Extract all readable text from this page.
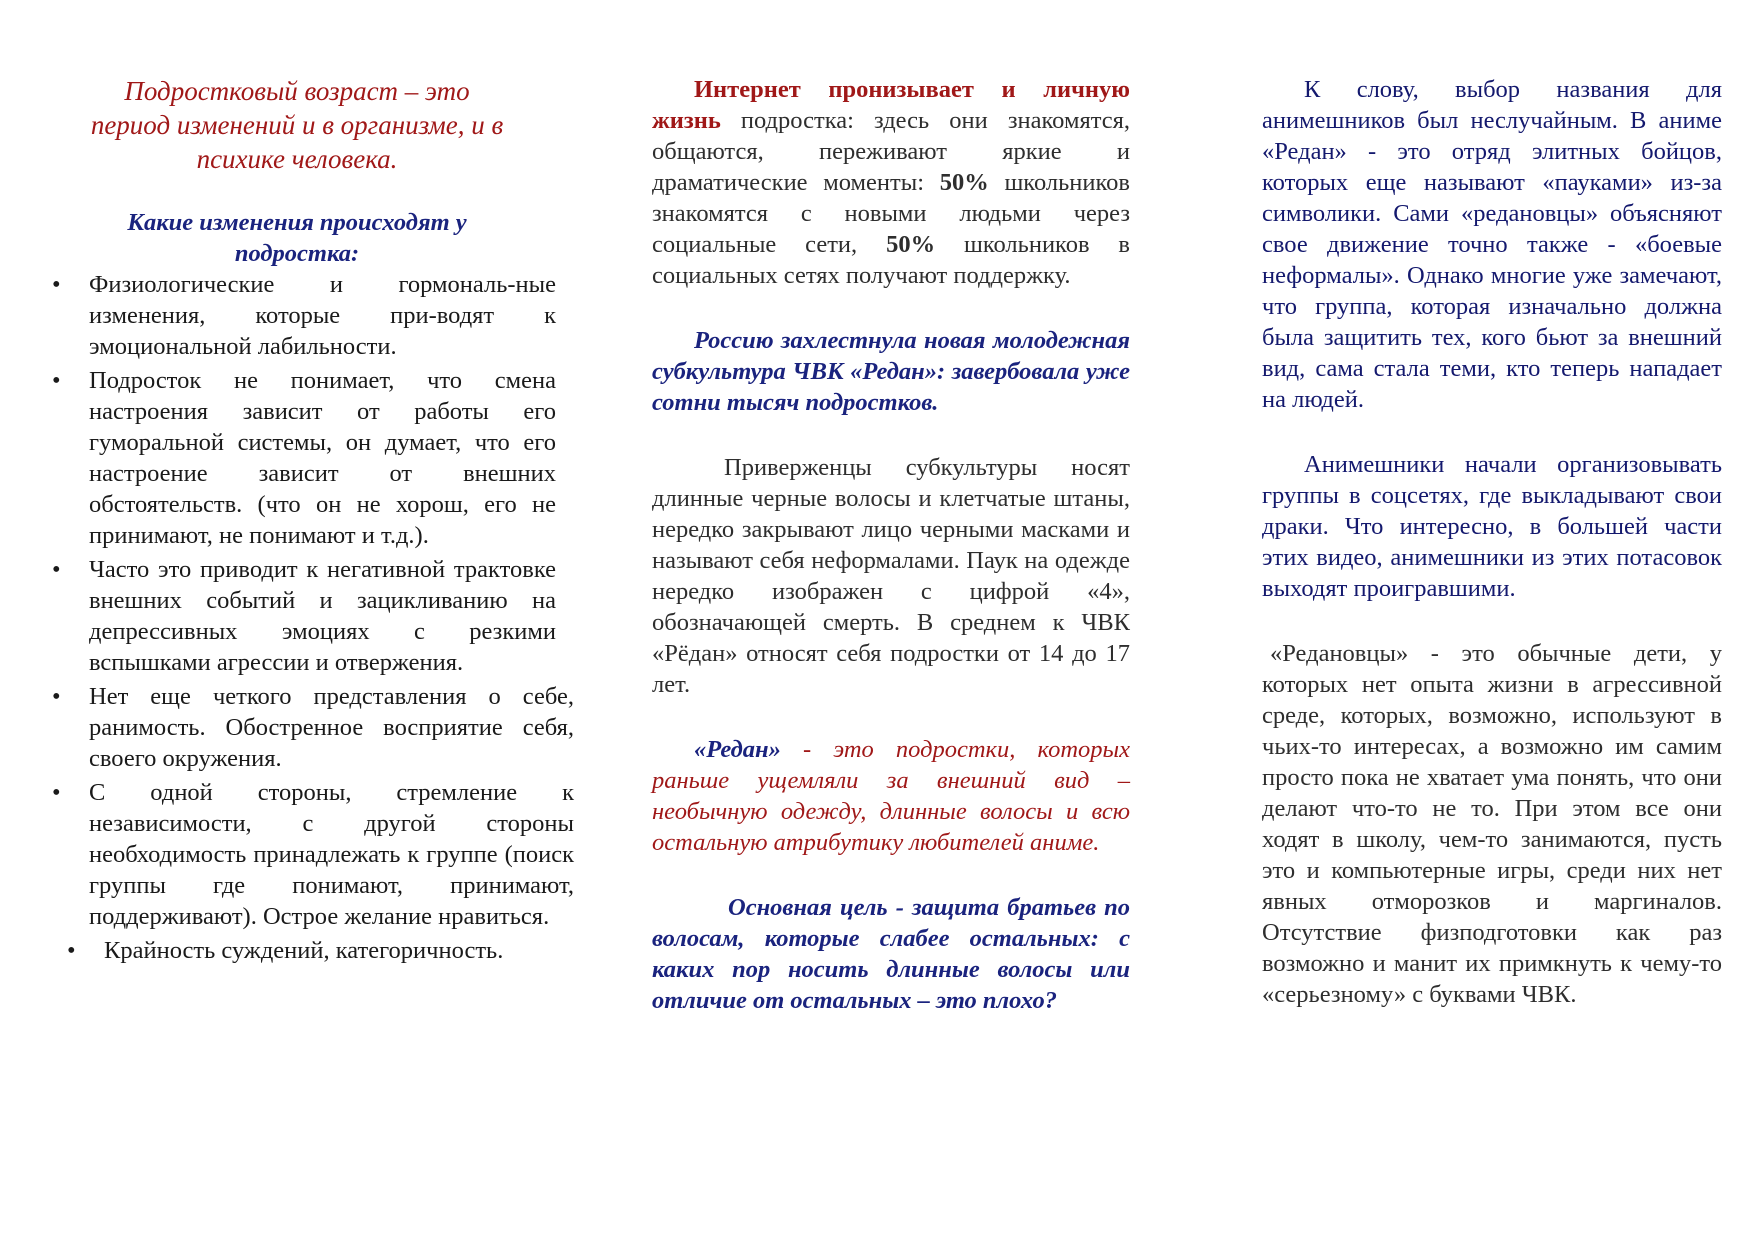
Подростковый возраст – это период изменений и в организме, и в психике человека.

Какие изменения происходят у подростка:

• Физиологические и гормональ-ные изменения, которые при-водят к эмоциональной лабильности.
• Подросток не понимает, что смена настроения зависит от работы его гуморальной системы, он думает, что его настроение зависит от внешних обстоятельств. (что он не хорош, его не принимают, не понимают и т.д.).
• Часто это приводит к негативной трактовке внешних событий и зацикливанию на депрессивных эмоциях с резкими вспышками агрессии и отвержения.
• Нет еще четкого представления о себе, ранимость. Обостренное восприятие себя, своего окружения.
• С одной стороны, стремление к независимости, с другой стороны необходимость принадлежать к группе (поиск группы где понимают, принимают, поддерживают). Острое желание нравиться.
• Крайность суждений, категоричность.

Интернет пронизывает и личную жизнь подростка: здесь они знакомятся, общаются, переживают яркие и драматические моменты: 50% школьников знакомятся с новыми людьми через социальные сети, 50% школьников в социальных сетях получают поддержку.

Россию захлестнула новая молодежная субкультура ЧВК «Редан»: завербовала уже сотни тысяч подростков.

Приверженцы субкультуры носят длинные черные волосы и клетчатые штаны, нередко закрывают лицо черными масками и называют себя неформалами. Паук на одежде нередко изображен с цифрой «4», обозначающей смерть. В среднем к ЧВК «Рёдан» относят себя подростки от 14 до 17 лет.

«Редан» - это подростки, которых раньше ущемляли за внешний вид – необычную одежду, длинные волосы и всю остальную атрибутику любителей аниме.

Основная цель - защита братьев по волосам, которые слабее остальных: с каких пор носить длинные волосы или отличие от остальных – это плохо?

К слову, выбор названия для анимешников был неслучайным. В аниме «Редан» - это отряд элитных бойцов, которых еще называют «пауками» из-за символики. Сами «редановцы» объясняют свое движение точно также - «боевые неформалы». Однако многие уже замечают, что группа, которая изначально должна была защитить тех, кого бьют за внешний вид, сама стала теми, кто теперь нападает на людей.

Анимешники начали организовывать группы в соцсетях, где выкладывают свои драки. Что интересно, в большей части этих видео, анимешники из этих потасовок выходят проигравшими.

«Редановцы» - это обычные дети, у которых нет опыта жизни в агрессивной среде, которых, возможно, используют в чьих-то интересах, а возможно им самим просто пока не хватает ума понять, что они делают что-то не то. При этом все они ходят в школу, чем-то занимаются, пусть это и компьютерные игры, среди них нет явных отморозков и маргиналов. Отсутствие физподготовки как раз возможно и манит их примкнуть к чему-то «серьезному» с буквами ЧВК.
